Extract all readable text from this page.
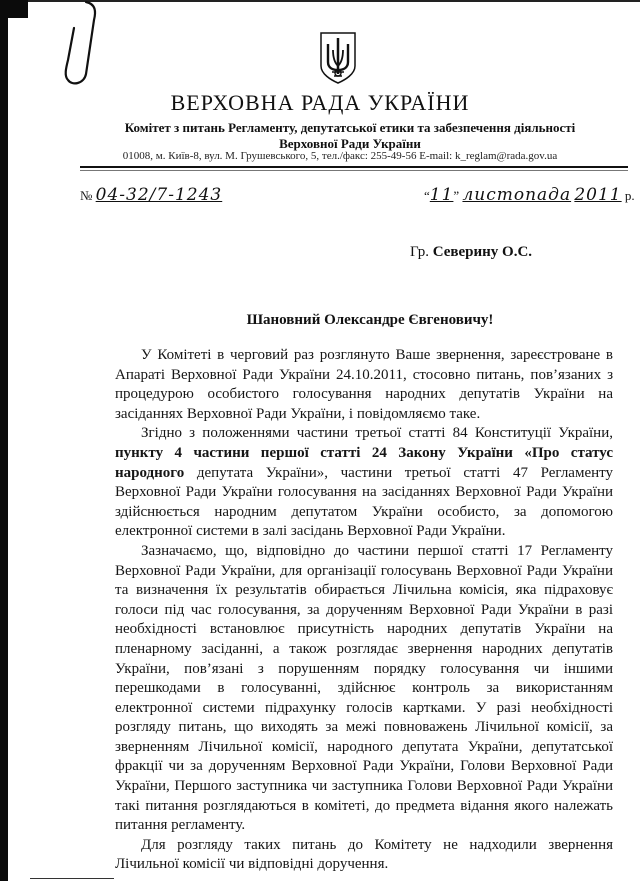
ВЕРХОВНА РАДА УКРАЇНИ
Комітет з питань Регламенту, депутатської етики та забезпечення діяльності
Верховної Ради України
01008, м. Київ-8, вул. М. Грушевського, 5, тел./факс: 255-49-56 E-mail: k_reglam@rada.gov.ua
№ 04-32/7-1243	“11” листопада 2011 р.
Гр. Северину О.С.
Шановний Олександре Євгеновичу!

У Комітеті в черговий раз розглянуто Ваше звернення, зареєстроване в Апараті Верховної Ради України 24.10.2011, стосовно питань, пов’язаних з процедурою особистого голосування народних депутатів України на засіданнях Верховної Ради України, і повідомляємо таке.

Згідно з положеннями частини третьої статті 84 Конституції України, пункту 4 частини першої статті 24 Закону України «Про статус народного депутата України», частини третьої статті 47 Регламенту Верховної Ради України голосування на засіданнях Верховної Ради України здійснюється народним депутатом України особисто, за допомогою електронної системи в залі засідань Верховної Ради України.

Зазначаємо, що, відповідно до частини першої статті 17 Регламенту Верховної Ради України, для організації голосувань Верховної Ради України та визначення їх результатів обирається Лічильна комісія, яка підраховує голоси під час голосування, за дорученням Верховної Ради України в разі необхідності встановлює присутність народних депутатів України на пленарному засіданні, а також розглядає звернення народних депутатів України, пов’язані з порушенням порядку голосування чи іншими перешкодами в голосуванні, здійснює контроль за використанням електронної системи підрахунку голосів картками. У разі необхідності розгляду питань, що виходять за межі повноважень Лічильної комісії, за зверненням Лічильної комісії, народного депутата України, депутатської фракції чи за дорученням Верховної Ради України, Голови Верховної Ради України, Першого заступника чи заступника Голови Верховної Ради України такі питання розглядаються в комітеті, до предмета відання якого належать питання регламенту.

Для розгляду таких питань до Комітету не надходили звернення Лічильної комісії чи відповідні доручення.
